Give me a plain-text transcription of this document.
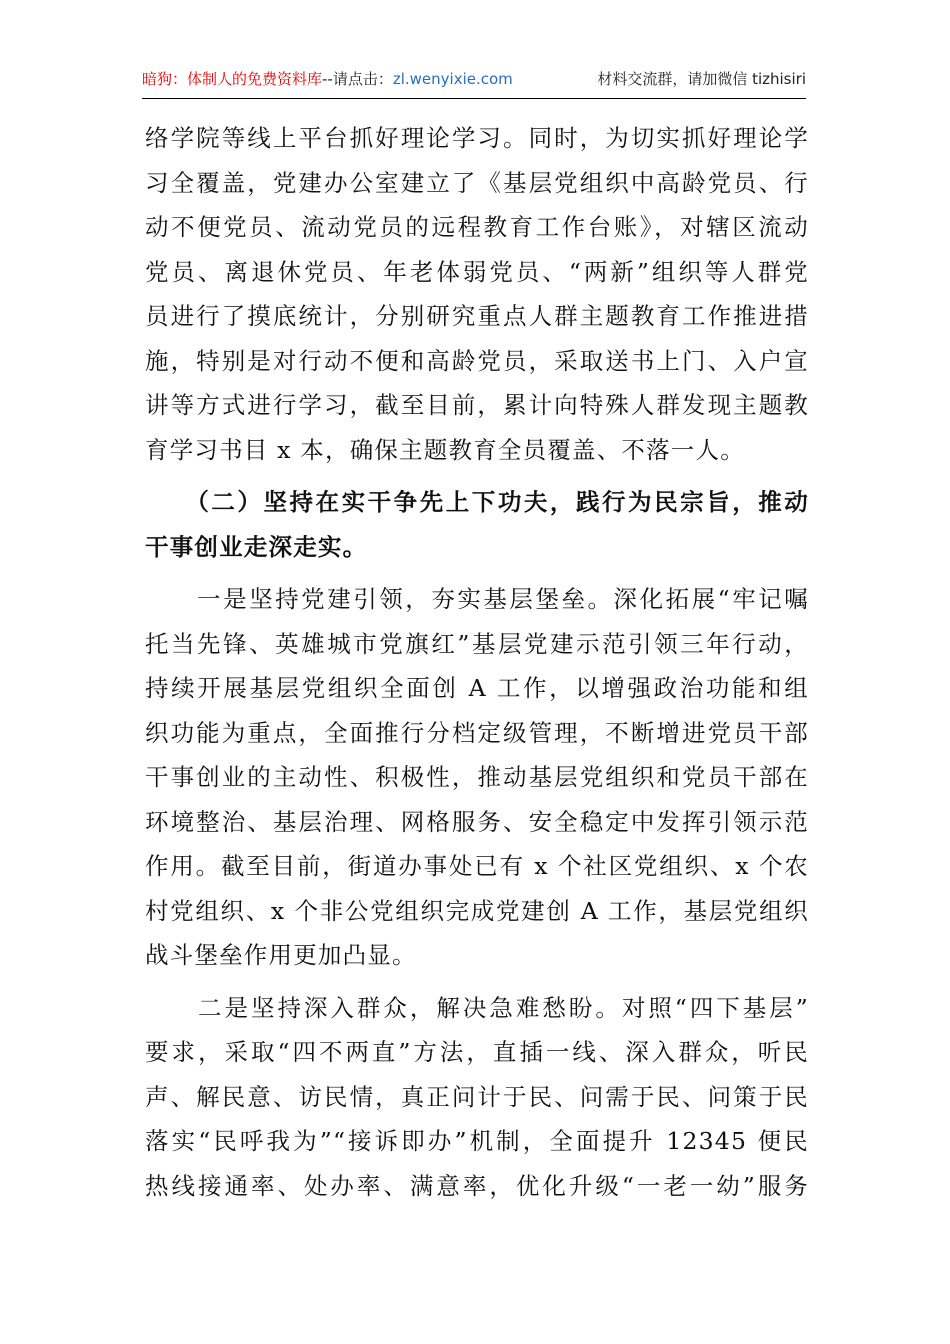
暗狗：体制人的免费资料库--请点击：zl.wenyixie.com	材料交流群，请加微信 tizhisiri
络学院等线上平台抓好理论学习。同时，为切实抓好理论学
习全覆盖，党建办公室建立了《基层党组织中高龄党员、行
动不便党员、流动党员的远程教育工作台账》，对辖区流动
党员、离退休党员、年老体弱党员、“两新”组织等人群党
员进行了摸底统计，分别研究重点人群主题教育工作推进措
施，特别是对行动不便和高龄党员，采取送书上门、入户宣
讲等方式进行学习，截至目前，累计向特殊人群发现主题教
育学习书目 x 本，确保主题教育全员覆盖、不落一人。
　　（二）坚持在实干争先上下功夫，践行为民宗旨，推动
干事创业走深走实。
　　一是坚持党建引领，夯实基层堡垒。深化拓展“牢记嘱
托当先锋、英雄城市党旗红”基层党建示范引领三年行动，
持续开展基层党组织全面创 A 工作，以增强政治功能和组
织功能为重点，全面推行分档定级管理，不断增进党员干部
干事创业的主动性、积极性，推动基层党组织和党员干部在
环境整治、基层治理、网格服务、安全稳定中发挥引领示范
作用。截至目前，街道办事处已有 x 个社区党组织、x 个农
村党组织、x 个非公党组织完成党建创 A 工作，基层党组织
战斗堡垒作用更加凸显。
　　二是坚持深入群众，解决急难愁盼。对照“四下基层”
要求，采取“四不两直”方法，直插一线、深入群众，听民
声、解民意、访民情，真正问计于民、问需于民、问策于民
落实“民呼我为”“接诉即办”机制，全面提升 12345 便民
热线接通率、处办率、满意率，优化升级“一老一幼”服务
